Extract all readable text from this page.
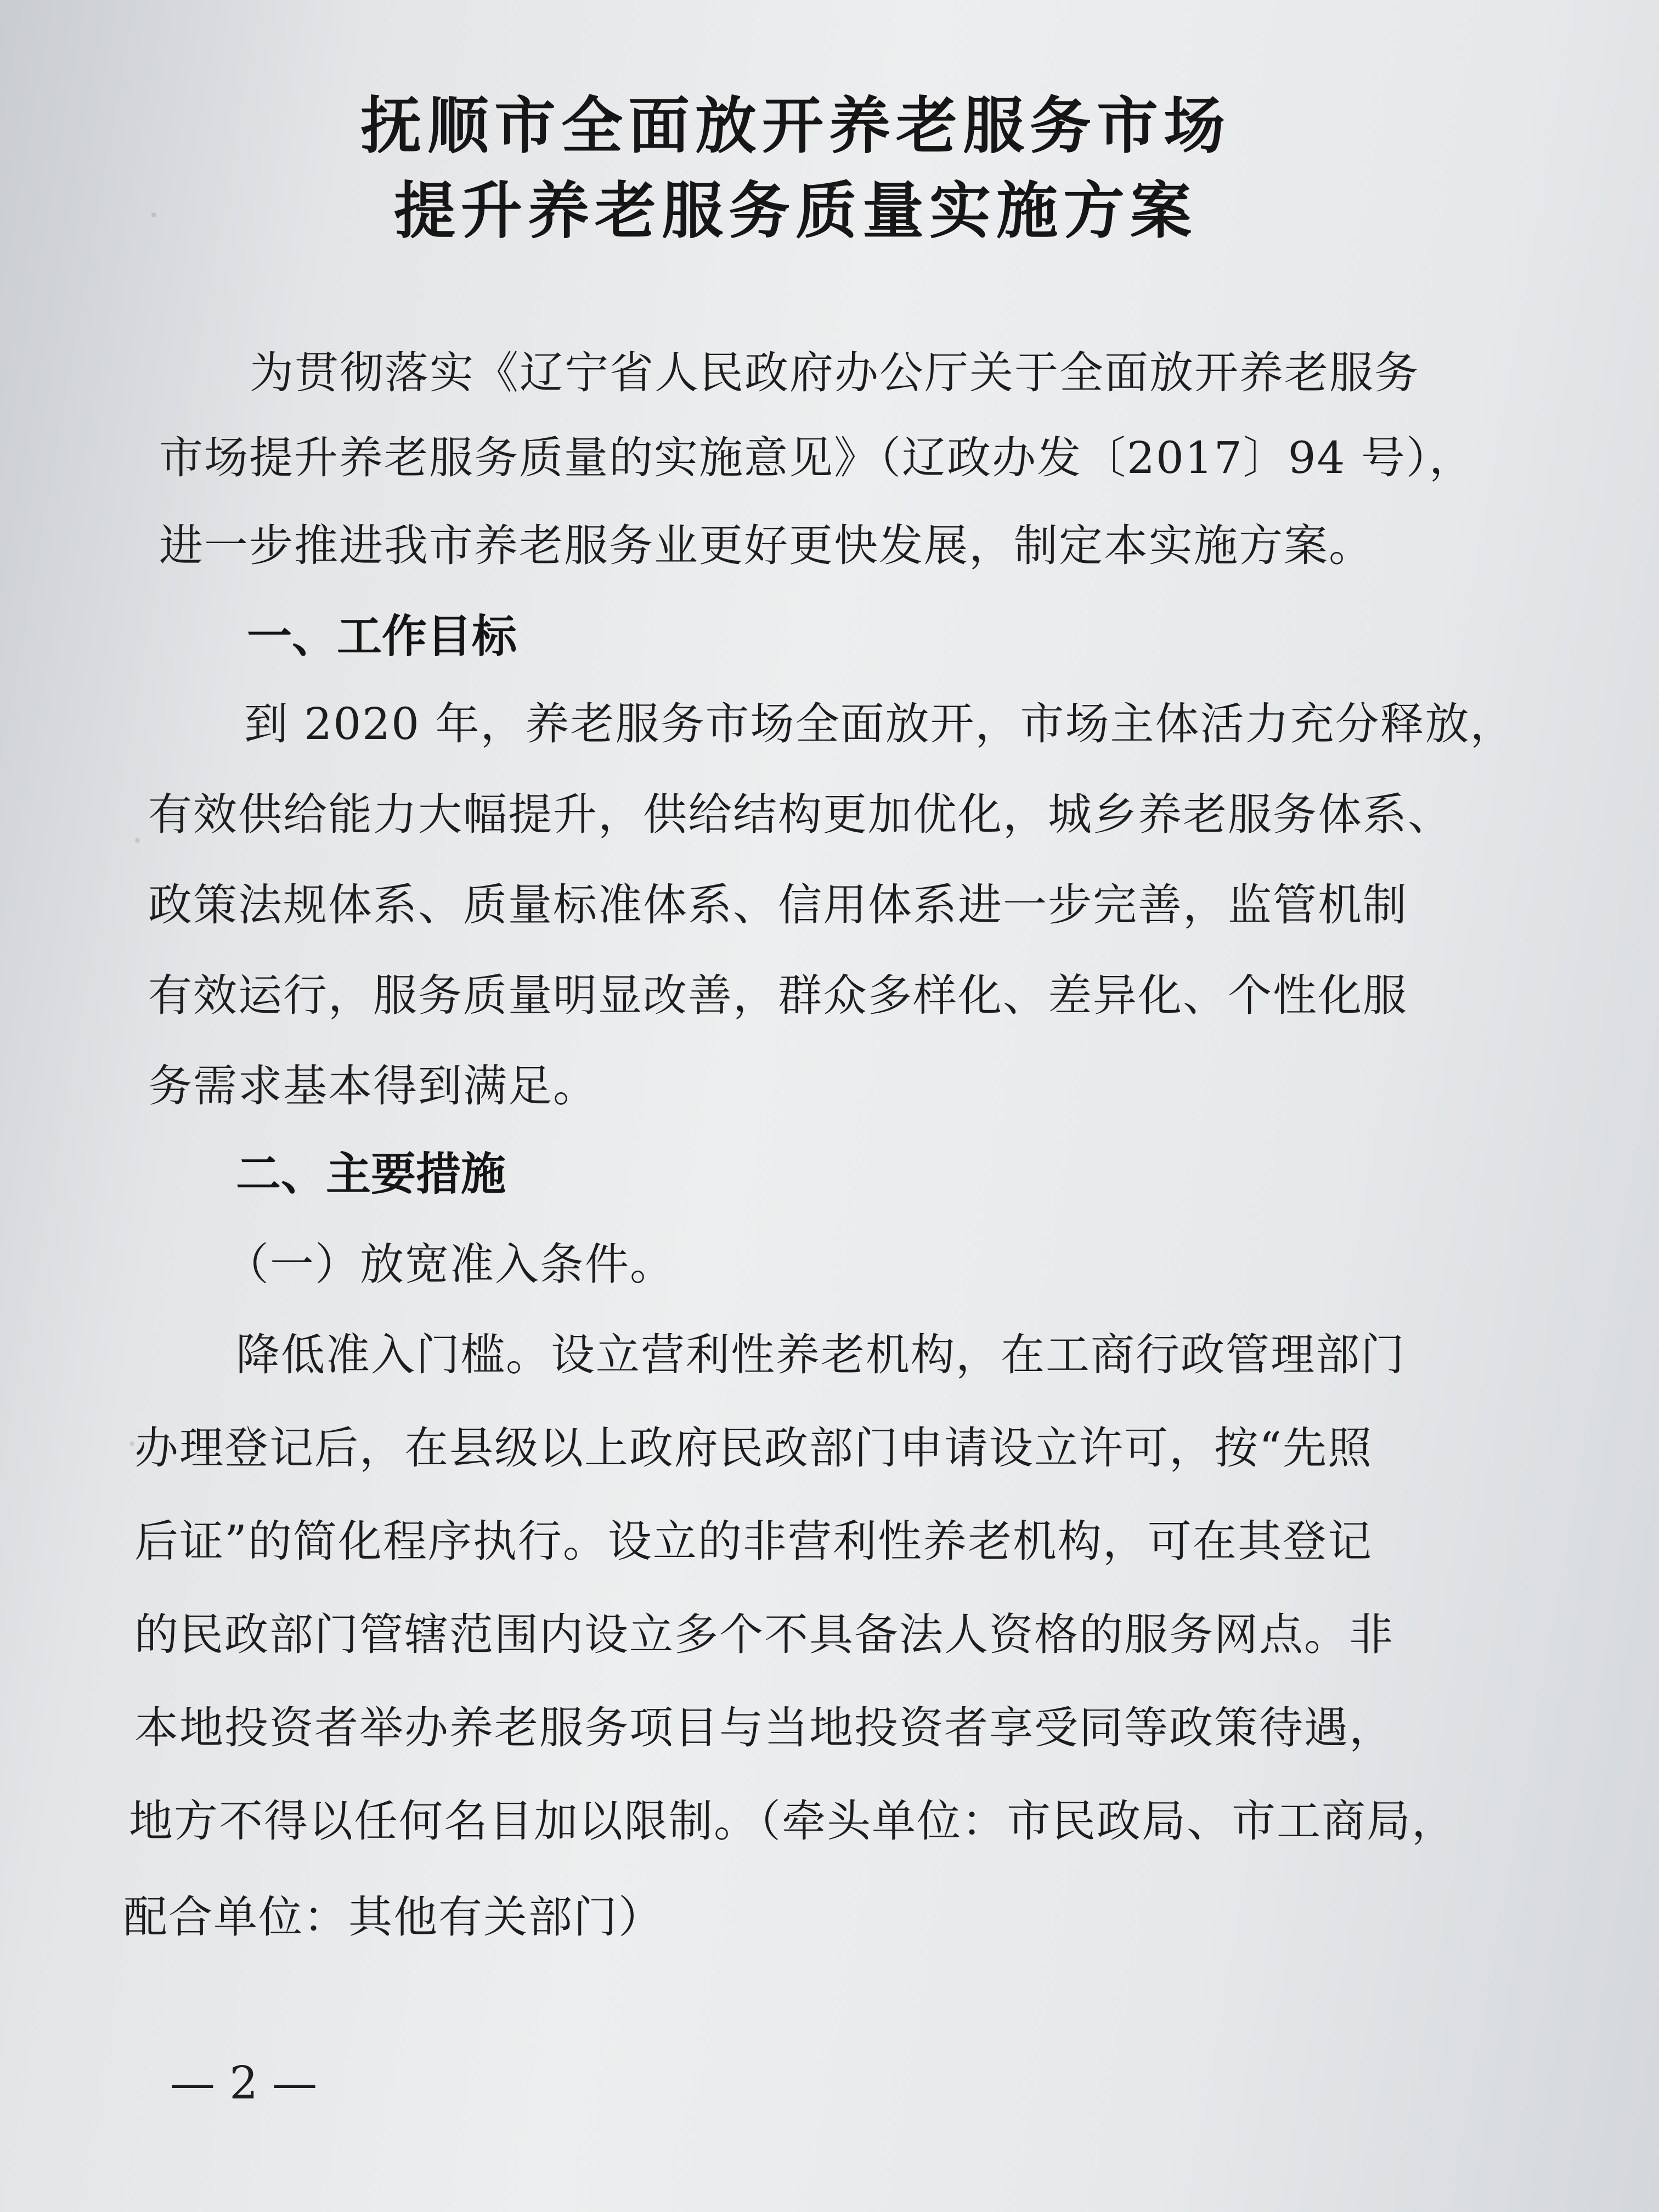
·
·
·
抚顺市全面放开养老服务市场
提升养老服务质量实施方案
为贯彻落实《辽宁省人民政府办公厅关于全面放开养老服务
市场提升养老服务质量的实施意见》（辽政办发〔2017〕94 号），
进一步推进我市养老服务业更好更快发展，制定本实施方案。
一、工作目标
到 2020 年，养老服务市场全面放开，市场主体活力充分释放，
有效供给能力大幅提升，供给结构更加优化，城乡养老服务体系、
政策法规体系、质量标准体系、信用体系进一步完善，监管机制
有效运行，服务质量明显改善，群众多样化、差异化、个性化服
务需求基本得到满足。
二、主要措施
（一）放宽准入条件。
降低准入门槛。设立营利性养老机构，在工商行政管理部门
办理登记后，在县级以上政府民政部门申请设立许可，按“先照
后证”的简化程序执行。设立的非营利性养老机构，可在其登记
的民政部门管辖范围内设立多个不具备法人资格的服务网点。非
本地投资者举办养老服务项目与当地投资者享受同等政策待遇，
地方不得以任何名目加以限制。（牵头单位：市民政局、市工商局，
配合单位：其他有关部门）
— 2 —
